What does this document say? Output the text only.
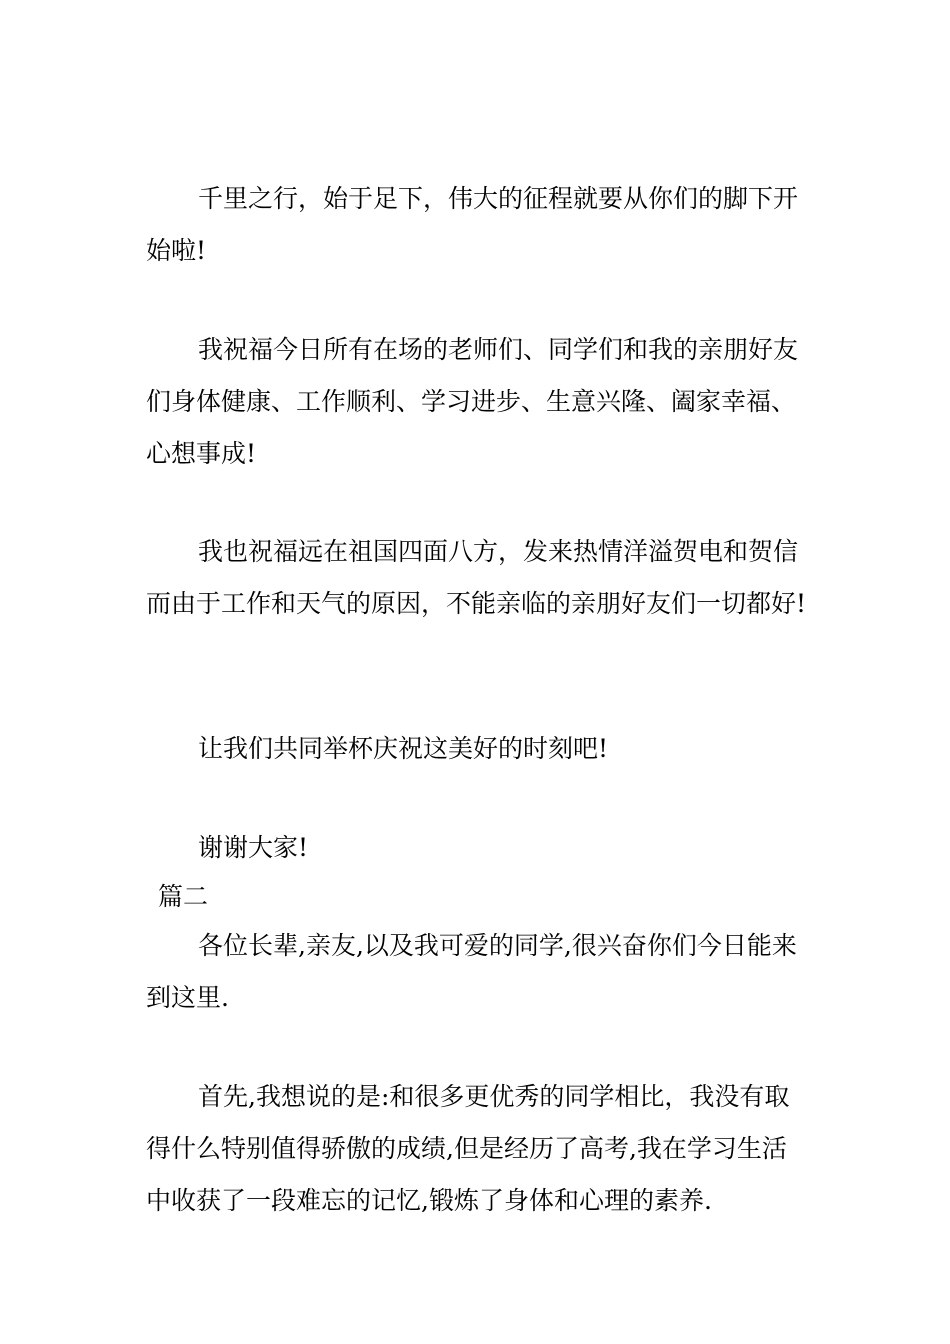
千里之行，始于足下，伟大的征程就要从你们的脚下开始啦!

我祝福今日所有在场的老师们、同学们和我的亲朋好友们身体健康、工作顺利、学习进步、生意兴隆、阖家幸福、心想事成!

我也祝福远在祖国四面八方，发来热情洋溢贺电和贺信而由于工作和天气的原因，不能亲临的亲朋好友们一切都好!

让我们共同举杯庆祝这美好的时刻吧!

谢谢大家!

篇二

各位长辈,亲友,以及我可爱的同学,很兴奋你们今日能来到这里.

首先,我想说的是:和很多更优秀的同学相比，我没有取得什么特别值得骄傲的成绩,但是经历了高考,我在学习生活中收获了一段难忘的记忆,锻炼了身体和心理的素养.
